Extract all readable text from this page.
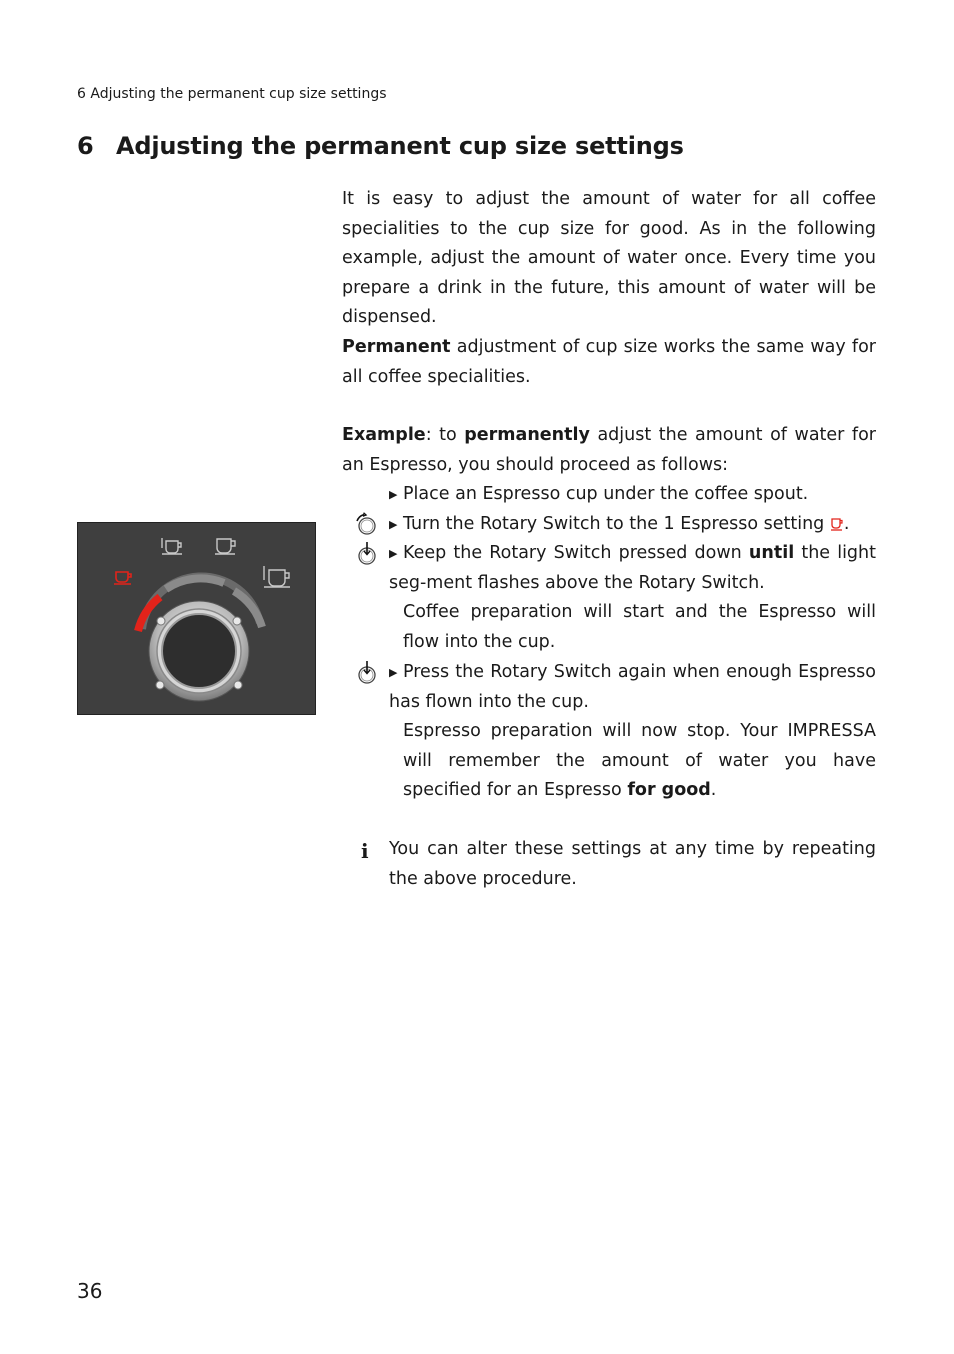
6 Adjusting the permanent cup size settings
6 Adjusting the permanent cup size settings

It is easy to adjust the amount of water for all coffee specialities to the cup size for good. As in the following example, adjust the amount of water once. Every time you prepare a drink in the future, this amount of water will be dispensed.

Permanent adjustment of cup size works the same way for all coffee specialities.

Example: to permanently adjust the amount of water for an Espresso, you should proceed as follows:

▶ Place an Espresso cup under the coffee spout.
▶ Turn the Rotary Switch to the 1 Espresso setting .
▶ Keep the Rotary Switch pressed down until the light seg-ment flashes above the Rotary Switch.
Coffee preparation will start and the Espresso will flow into the cup.
▶ Press the Rotary Switch again when enough Espresso has flown into the cup.
Espresso preparation will now stop. Your IMPRESSA will remember the amount of water you have specified for an Espresso for good.
i You can alter these settings at any time by repeating the above procedure.
36
